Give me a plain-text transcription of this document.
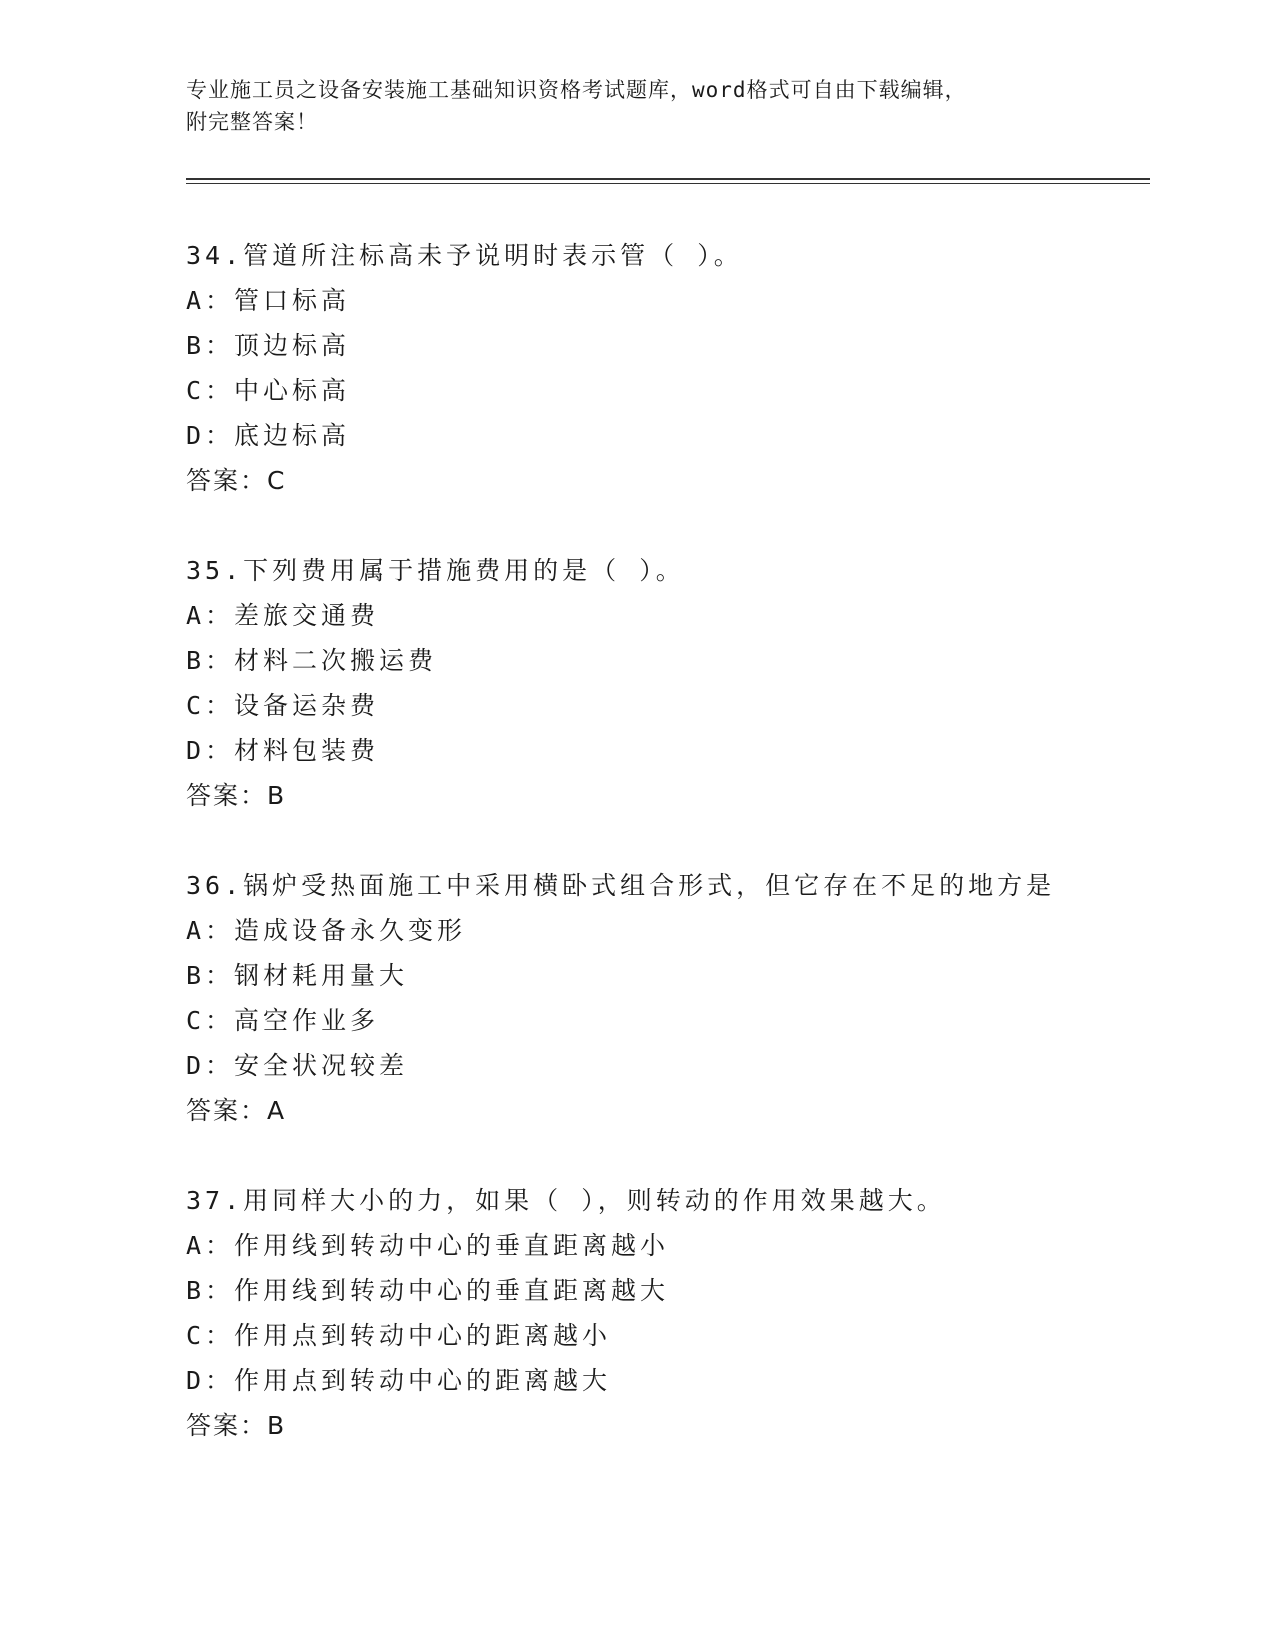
专业施工员之设备安装施工基础知识资格考试题库，word格式可自由下载编辑，
附完整答案！
34.管道所注标高未予说明时表示管（ ）。
A：管口标高
B：顶边标高
C：中心标高
D：底边标高
答案：C
35.下列费用属于措施费用的是（ ）。
A：差旅交通费
B：材料二次搬运费
C：设备运杂费
D：材料包装费
答案：B
36.锅炉受热面施工中采用横卧式组合形式，但它存在不足的地方是
A：造成设备永久变形
B：钢材耗用量大
C：高空作业多
D：安全状况较差
答案：A
37.用同样大小的力，如果（ ），则转动的作用效果越大。
A：作用线到转动中心的垂直距离越小
B：作用线到转动中心的垂直距离越大
C：作用点到转动中心的距离越小
D：作用点到转动中心的距离越大
答案：B
